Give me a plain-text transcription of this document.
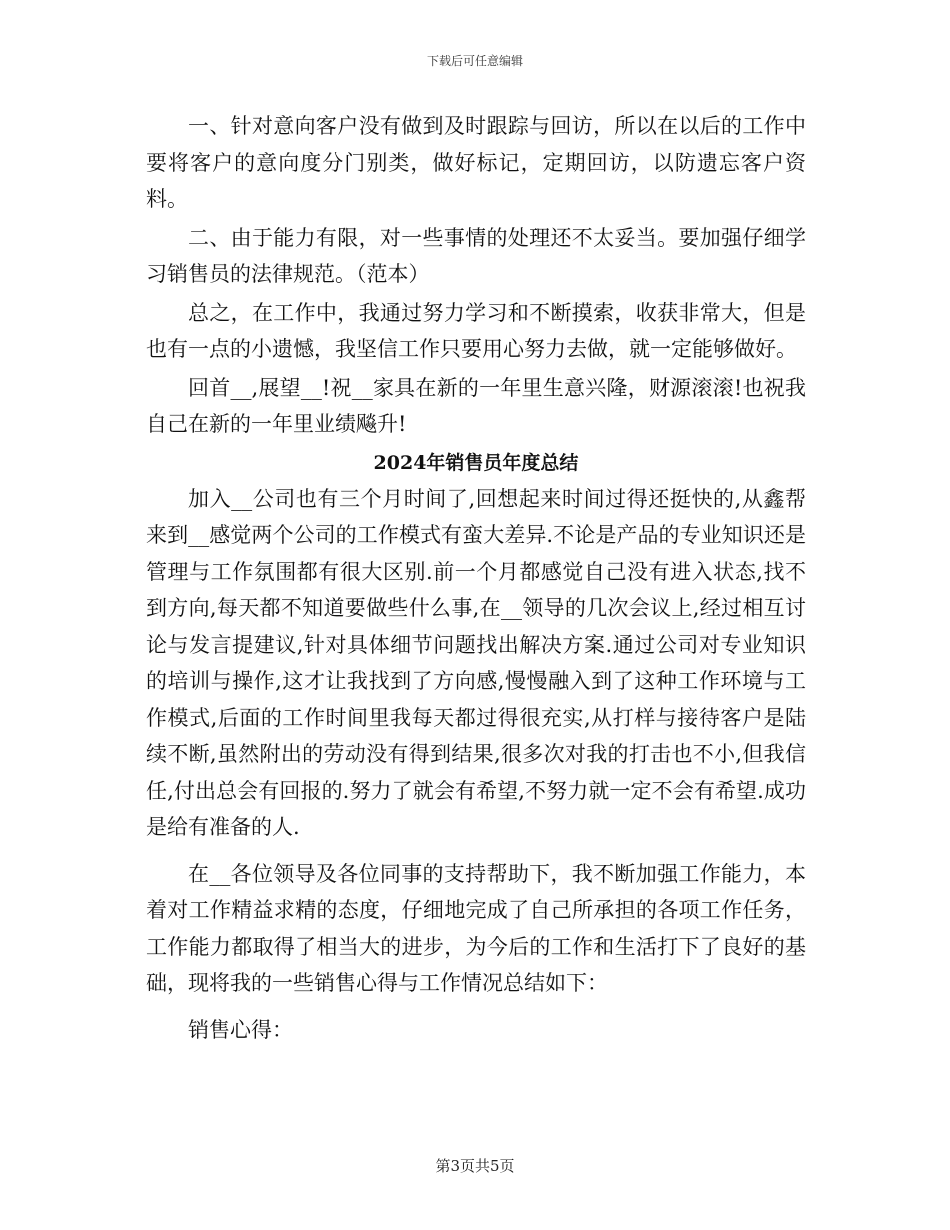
下载后可任意编辑

一、针对意向客户没有做到及时跟踪与回访，所以在以后的工作中要将客户的意向度分门别类，做好标记，定期回访，以防遗忘客户资料。

二、由于能力有限，对一些事情的处理还不太妥当。要加强仔细学习销售员的法律规范。（范本）

总之，在工作中，我通过努力学习和不断摸索，收获非常大，但是也有一点的小遗憾，我坚信工作只要用心努力去做，就一定能够做好。

回首__,展望__!祝__家具在新的一年里生意兴隆，财源滚滚!也祝我自己在新的一年里业绩飚升!

2024年销售员年度总结

加入__公司也有三个月时间了,回想起来时间过得还挺快的,从鑫帮来到__感觉两个公司的工作模式有蛮大差异.不论是产品的专业知识还是管理与工作氛围都有很大区别.前一个月都感觉自己没有进入状态,找不到方向,每天都不知道要做些什么事,在__领导的几次会议上,经过相互讨论与发言提建议,针对具体细节问题找出解决方案.通过公司对专业知识的培训与操作,这才让我找到了方向感,慢慢融入到了这种工作环境与工作模式,后面的工作时间里我每天都过得很充实,从打样与接待客户是陆续不断,虽然附出的劳动没有得到结果,很多次对我的打击也不小,但我信任,付出总会有回报的.努力了就会有希望,不努力就一定不会有希望.成功是给有准备的人.

在__各位领导及各位同事的支持帮助下，我不断加强工作能力，本着对工作精益求精的态度，仔细地完成了自己所承担的各项工作任务，工作能力都取得了相当大的进步，为今后的工作和生活打下了良好的基础，现将我的一些销售心得与工作情况总结如下：

销售心得：

第3页共5页
